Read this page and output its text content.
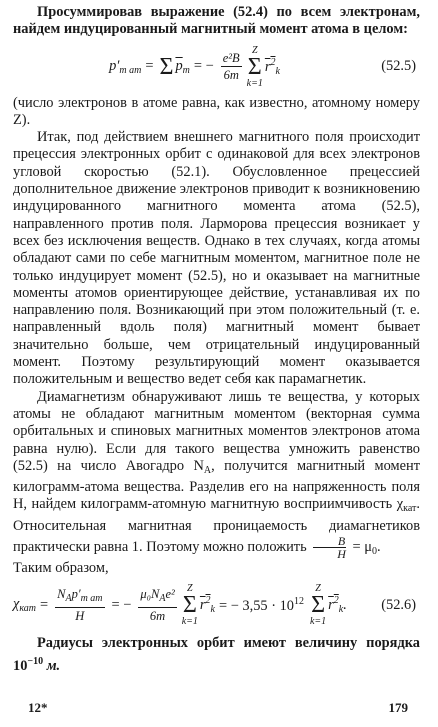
Просуммировав выражение (52.4) по всем электронам, найдем индуцированный магнитный момент атома в целом:

$p'_{m ат} = \Sigma$ $\overline{p}_m$ = − $\frac{\text{e²B}}{6m}$
Z
Σ
k=1
$r^2_k$	(52.5)

(число электронов в атоме равна, как известно, атомному номеру Z).

Итак, под действием внешнего магнитного поля происходит прецессия электронных орбит с одинаковой для всех электронов угловой скоростью (52.1). Обусловленное прецессией дополнительное движение электронов приводит к возникновению индуцированного магнитного момента атома (52.5), направленного против поля. Ларморова прецессия возникает у всех без исключения веществ. Однако в тех случаях, когда атомы обладают сами по себе магнитным моментом, магнитное поле не только индуцирует момент (52.5), но и оказывает на магнитные моменты атомов ориентирующее действие, устанавливая их по направлению поля. Возникающий при этом положительный (т. е. направленный вдоль поля) магнитный момент бывает значительно больше, чем отрицательный индуцированный момент. Поэтому результирующий момент оказывается положительным и вещество ведет себя как парамагнетик.

Диамагнетизм обнаруживают лишь те вещества, у которых атомы не обладают магнитным моментом (векторная сумма орбитальных и спиновых магнитных моментов электронов атома равна нулю). Если для такого вещества умножить равенство (52.5) на число Авогадро $N_A$, получится магнитный момент килограмм-атома вещества. Разделив его на напряженность поля H, найдем килограмм-атомную магнитную восприимчивость $\chi_{кат}$. Относительная магнитная проницаемость диамагнетиков практически равна 1. Поэтому можно положить $\frac{B}{H} = \mu_0$.

Таким образом,

$\chi_{кат} = \frac{N_Ap'_{m ат}}{H}$ = − $\frac{\mu_0N_Ae^2}{6m}$ Z
Σ
k=1
$r^2_k$ = − $3,55 \cdot 10^{12}$
Z
Σ
k=1
$r^2_k$. (52.6)

Радиусы электронных орбит имеют величину порядка $10^{-10}$ м.

12*	179
